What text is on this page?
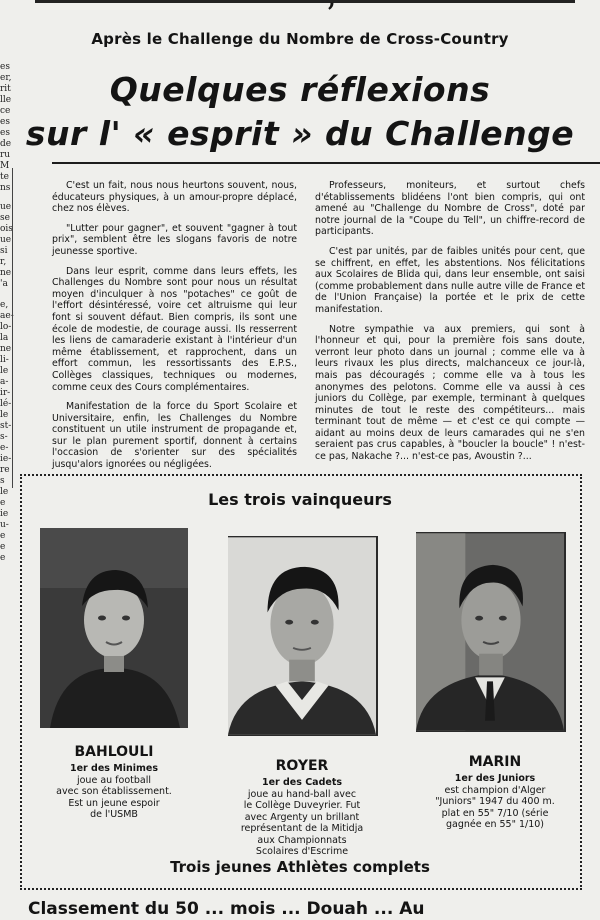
Après le Challenge du Nombre de Cross-Country
Quelques réflexions
sur l' « esprit » du Challenge
es
er,
rit
lle
ce
es
es
de
ru
M
te
ns
ue
se
ois
ue
si
r,
ne
'a
e,
ae-
lo-
la
ne
li-
le
a-
ir-
lé-
le
st-
s-
e-
ie-
re
s
le
e
ie
u-
e
e
e

C'est un fait, nous nous heurtons souvent, nous, éducateurs physiques, à un amour-propre déplacé, chez nos élèves.

"Lutter pour gagner", et souvent "gagner à tout prix", semblent être les slogans favoris de notre jeunesse sportive.

Dans leur esprit, comme dans leurs effets, les Challenges du Nombre sont pour nous un résultat moyen d'inculquer à nos "potaches" ce goût de l'effort désintéressé, voire cet altruisme qui leur font si souvent défaut. Bien compris, ils sont une école de modestie, de courage aussi. Ils resserrent les liens de camaraderie existant à l'intérieur d'un même établissement, et rapprochent, dans un effort commun, les ressortissants des E.P.S., Collèges classiques, techniques ou modernes, comme ceux des Cours complémentaires.

Manifestation de la force du Sport Scolaire et Universitaire, enfin, les Challenges du Nombre constituent un utile instrument de propagande et, sur le plan purement sportif, donnent à certains l'occasion de s'orienter sur des spécialités jusqu'alors ignorées ou négligées.

Professeurs, moniteurs, et surtout chefs d'établissements blidéens l'ont bien compris, qui ont amené au "Challenge du Nombre de Cross", doté par notre journal de la "Coupe du Tell", un chiffre-record de participants.

C'est par unités, par de faibles unités pour cent, que se chiffrent, en effet, les abstentions. Nos félicitations aux Scolaires de Blida qui, dans leur ensemble, ont saisi (comme probablement dans nulle autre ville de France et de l'Union Française) la portée et le prix de cette manifestation.

Notre sympathie va aux premiers, qui sont à l'honneur et qui, pour la première fois sans doute, verront leur photo dans un journal ; comme elle va à leurs rivaux les plus directs, malchanceux ce jour-là, mais pas découragés ; comme elle va à tous les anonymes des pelotons. Comme elle va aussi à ces juniors du Collège, par exemple, terminant à quelques minutes de tout le reste des compétiteurs... mais terminant tout de même — et c'est ce qui compte — aidant au moins deux de leurs camarades qui ne s'en seraient pas crus capables, à "boucler la boucle" ! n'est-ce pas, Nakache ?... n'est-ce pas, Avoustin ?...

Les trois vainqueurs
BAHLOULI
1er des Minimes
joue au football
avec son établissement.
Est un jeune espoir
de l'USMB
ROYER
1er des Cadets
joue au hand-ball avec
le Collège Duveyrier. Fut
avec Argenty un brillant
représentant de la Mitidja
aux Championnats
Scolaires d'Escrime
MARIN
1er des Juniors
est champion d'Alger
"Juniors" 1947 du 400 m.
plat en 55" 7/10 (série
gagnée en 55" 1/10)
Trois jeunes Athlètes complets
Classement du 50 ... mois ... Douah ... Au
